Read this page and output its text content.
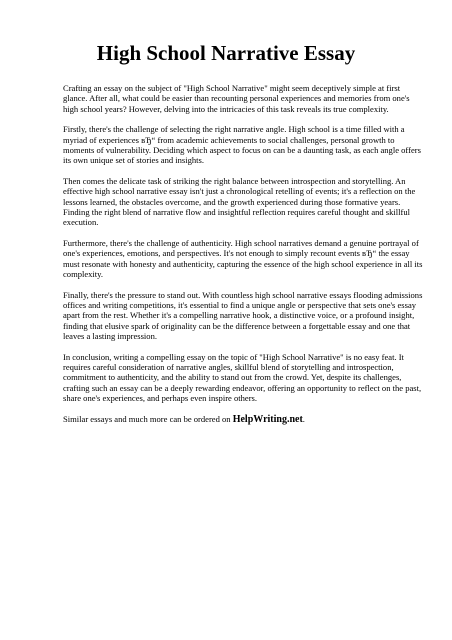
High School Narrative Essay

Crafting an essay on the subject of "High School Narrative" might seem deceptively simple at first glance. After all, what could be easier than recounting personal experiences and memories from one's high school years? However, delving into the intricacies of this task reveals its true complexity.

Firstly, there's the challenge of selecting the right narrative angle. High school is a time filled with a myriad of experiences вЂ“ from academic achievements to social challenges, personal growth to moments of vulnerability. Deciding which aspect to focus on can be a daunting task, as each angle offers its own unique set of stories and insights.

Then comes the delicate task of striking the right balance between introspection and storytelling. An effective high school narrative essay isn't just a chronological retelling of events; it's a reflection on the lessons learned, the obstacles overcome, and the growth experienced during those formative years. Finding the right blend of narrative flow and insightful reflection requires careful thought and skillful execution.

Furthermore, there's the challenge of authenticity. High school narratives demand a genuine portrayal of one's experiences, emotions, and perspectives. It's not enough to simply recount events вЂ“ the essay must resonate with honesty and authenticity, capturing the essence of the high school experience in all its complexity.

Finally, there's the pressure to stand out. With countless high school narrative essays flooding admissions offices and writing competitions, it's essential to find a unique angle or perspective that sets one's essay apart from the rest. Whether it's a compelling narrative hook, a distinctive voice, or a profound insight, finding that elusive spark of originality can be the difference between a forgettable essay and one that leaves a lasting impression.

In conclusion, writing a compelling essay on the topic of "High School Narrative" is no easy feat. It requires careful consideration of narrative angles, skillful blend of storytelling and introspection, commitment to authenticity, and the ability to stand out from the crowd. Yet, despite its challenges, crafting such an essay can be a deeply rewarding endeavor, offering an opportunity to reflect on the past, share one's experiences, and perhaps even inspire others.

Similar essays and much more can be ordered on HelpWriting.net.
